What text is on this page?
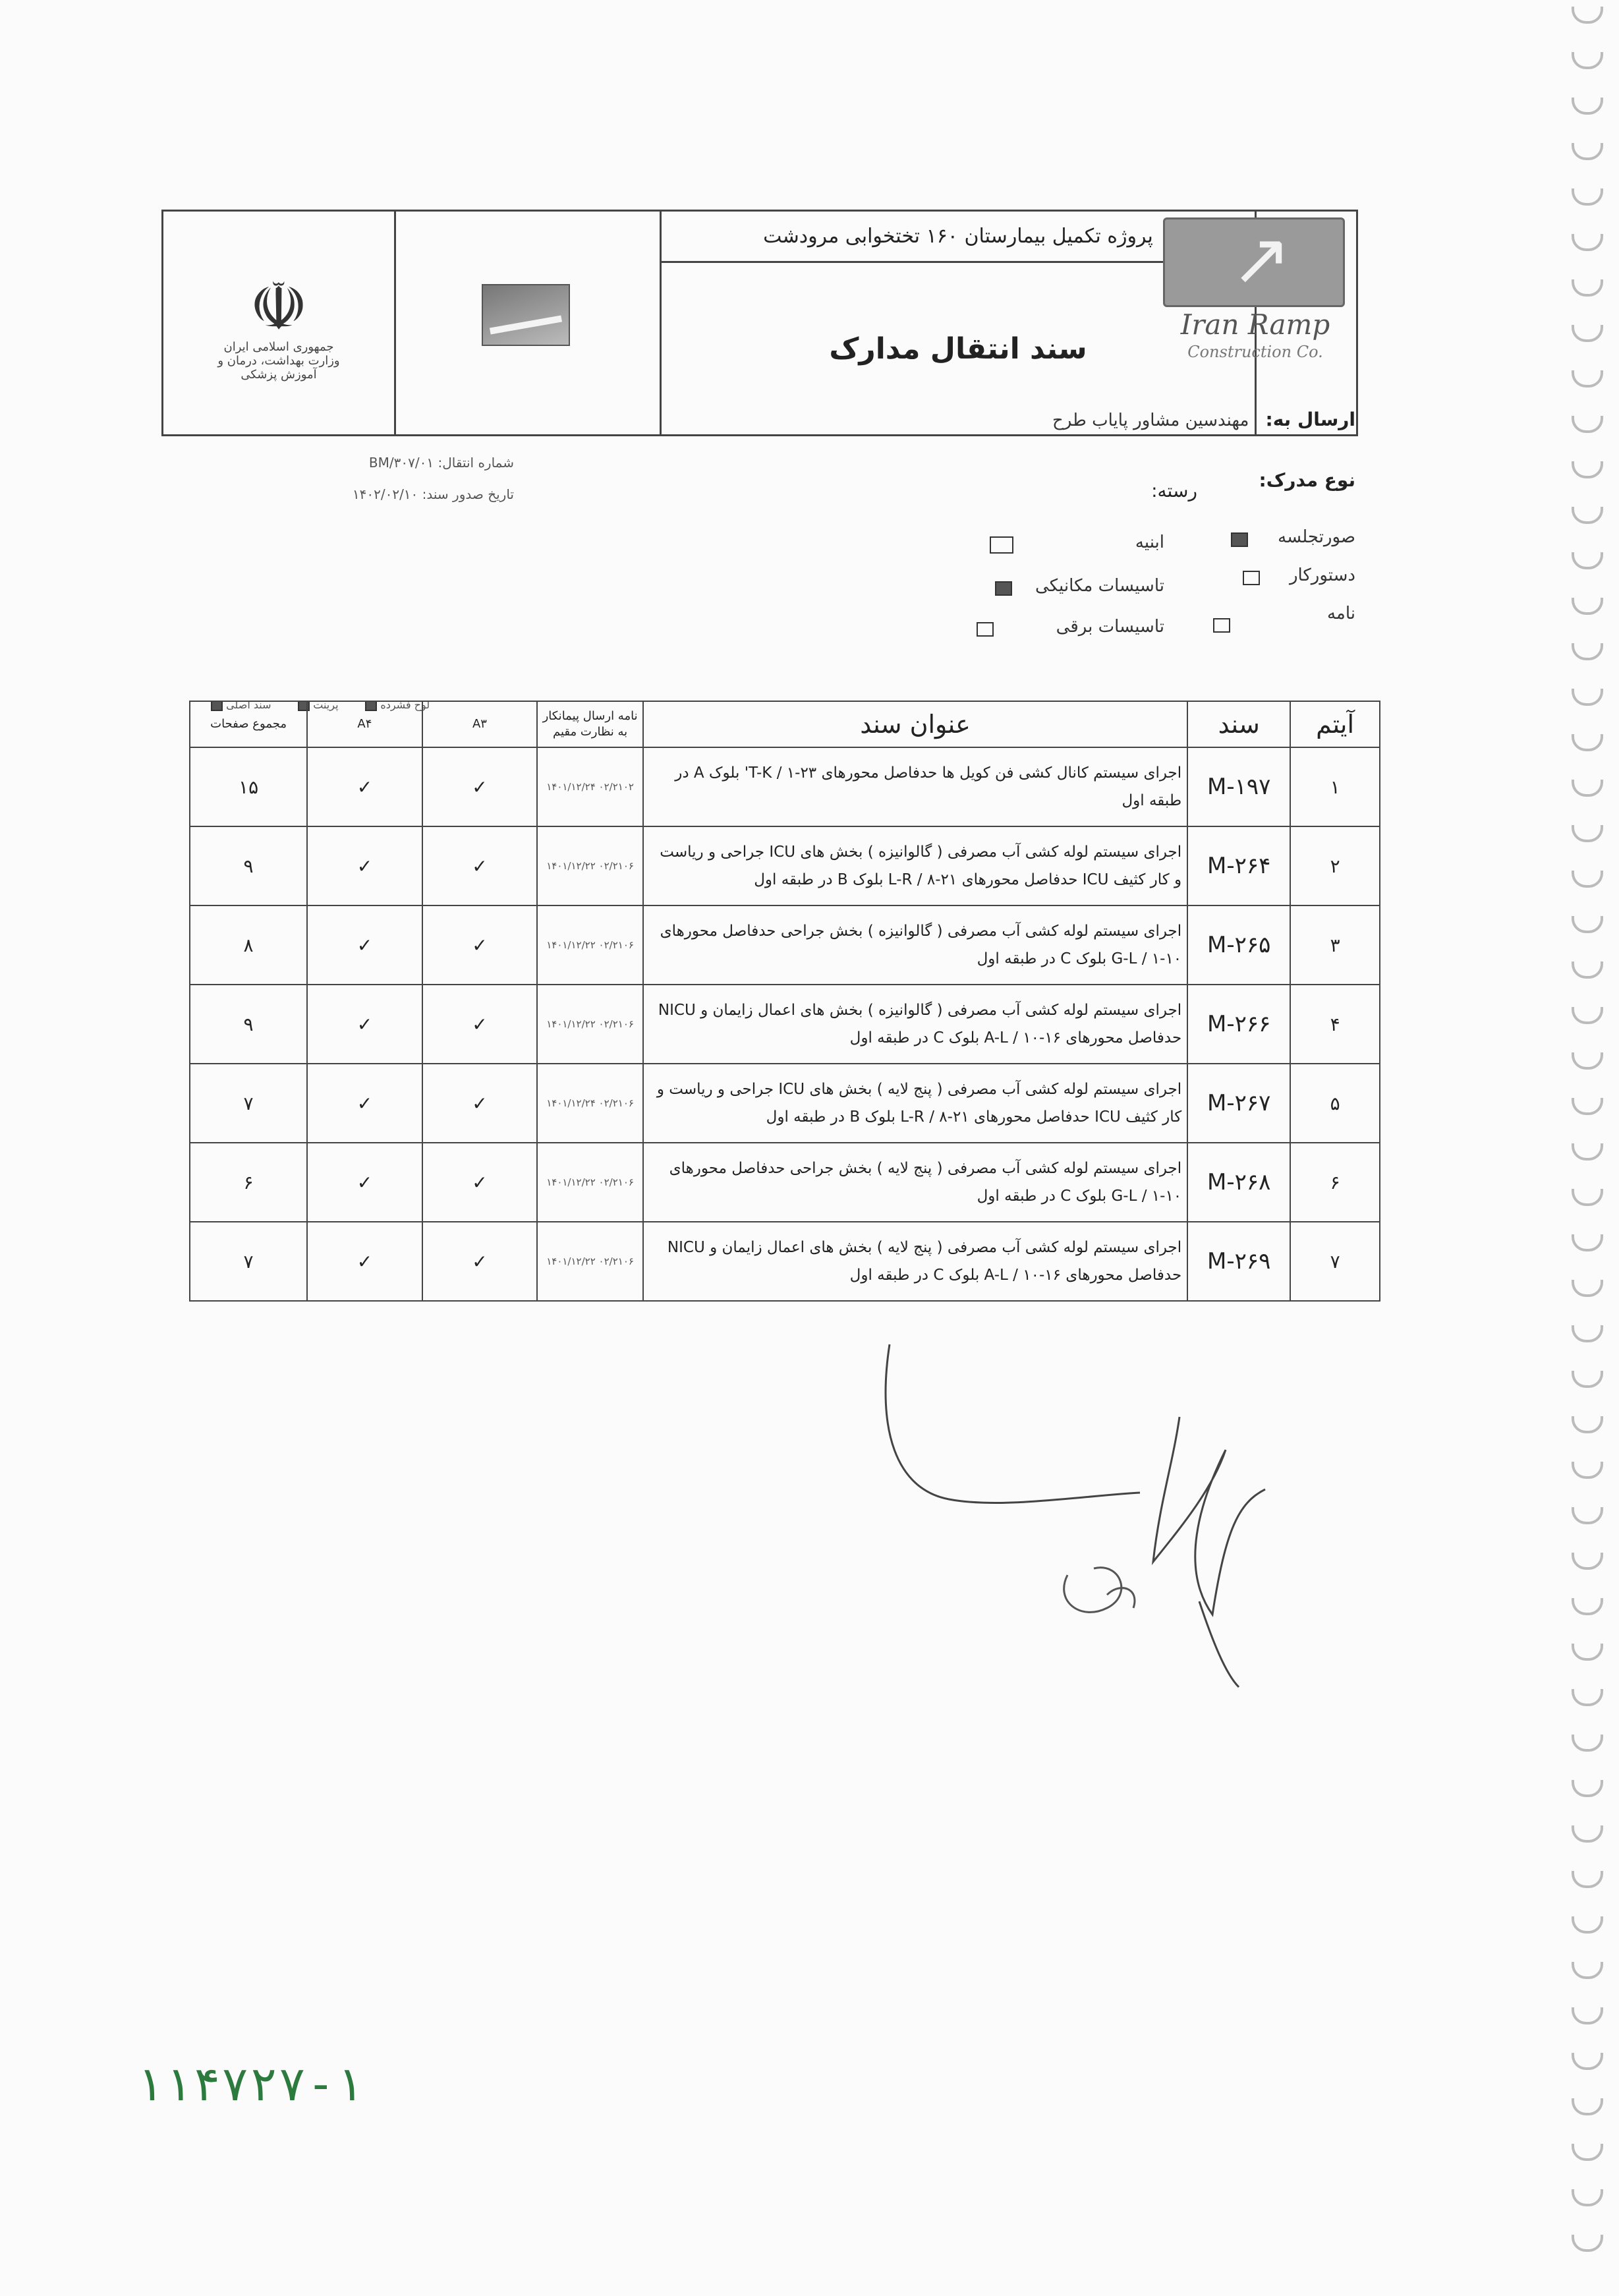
☫
جمهوری اسلامی ایران
وزارت بهداشت، درمان و آموزش پزشکی
پروژه تکمیل بیمارستان ۱۶۰ تختخوابی مرودشت
سند انتقال مدارک
↗
Iran Ramp
Construction Co.
ارسال به: مهندسین مشاور پایاب طرح
شماره انتقال: BM/۳۰۷/۰۱
تاریخ صدور سند: ۱۴۰۲/۰۲/۱۰
نوع مدرک:
رسته:
صورتجلسه
دستورکار
نامه
ابنیه
تاسیسات مکانیکی
تاسیسات برقی
لوح فشرده         پرینت         سند اصلی
آیتم	سند	عنوان سند	نامه ارسال پیمانکار به نظارت مقیم	A۳	A۴	مجموع صفحات
۱	M-۱۹۷	اجرای سیستم کانال کشی فن کویل ها حدفاصل محورهای ۲۳-۱ / T-K' بلوک A در طبقه اول	۰۲/۲۱۰۲ ۱۴۰۱/۱۲/۲۴	✓	✓	۱۵
۲	M-۲۶۴	اجرای سیستم لوله کشی آب مصرفی ( گالوانیزه ) بخش های ICU جراحی و ریاست و کار کثیف ICU حدفاصل محورهای ۲۱-۸ / L-R بلوک B در طبقه اول	۰۲/۲۱۰۶ ۱۴۰۱/۱۲/۲۲	✓	✓	۹
۳	M-۲۶۵	اجرای سیستم لوله کشی آب مصرفی ( گالوانیزه ) بخش جراحی حدفاصل محورهای ۱۰-۱ / G-L بلوک C در طبقه اول	۰۲/۲۱۰۶ ۱۴۰۱/۱۲/۲۲	✓	✓	۸
۴	M-۲۶۶	اجرای سیستم لوله کشی آب مصرفی ( گالوانیزه ) بخش های اعمال زایمان و NICU حدفاصل محورهای ۱۶-۱۰ / A-L بلوک C در طبقه اول	۰۲/۲۱۰۶ ۱۴۰۱/۱۲/۲۲	✓	✓	۹
۵	M-۲۶۷	اجرای سیستم لوله کشی آب مصرفی ( پنج لایه ) بخش های ICU جراحی و ریاست و کار کثیف ICU حدفاصل محورهای ۲۱-۸ / L-R بلوک B در طبقه اول	۰۲/۲۱۰۶ ۱۴۰۱/۱۲/۲۴	✓	✓	۷
۶	M-۲۶۸	اجرای سیستم لوله کشی آب مصرفی ( پنج لایه ) بخش جراحی حدفاصل محورهای ۱۰-۱ / G-L بلوک C در طبقه اول	۰۲/۲۱۰۶ ۱۴۰۱/۱۲/۲۲	✓	✓	۶
۷	M-۲۶۹	اجرای سیستم لوله کشی آب مصرفی ( پنج لایه ) بخش های اعمال زایمان و NICU حدفاصل محورهای ۱۶-۱۰ / A-L بلوک C در طبقه اول	۰۲/۲۱۰۶ ۱۴۰۱/۱۲/۲۲	✓	✓	۷
۱۱۴۷۲۷-۱
